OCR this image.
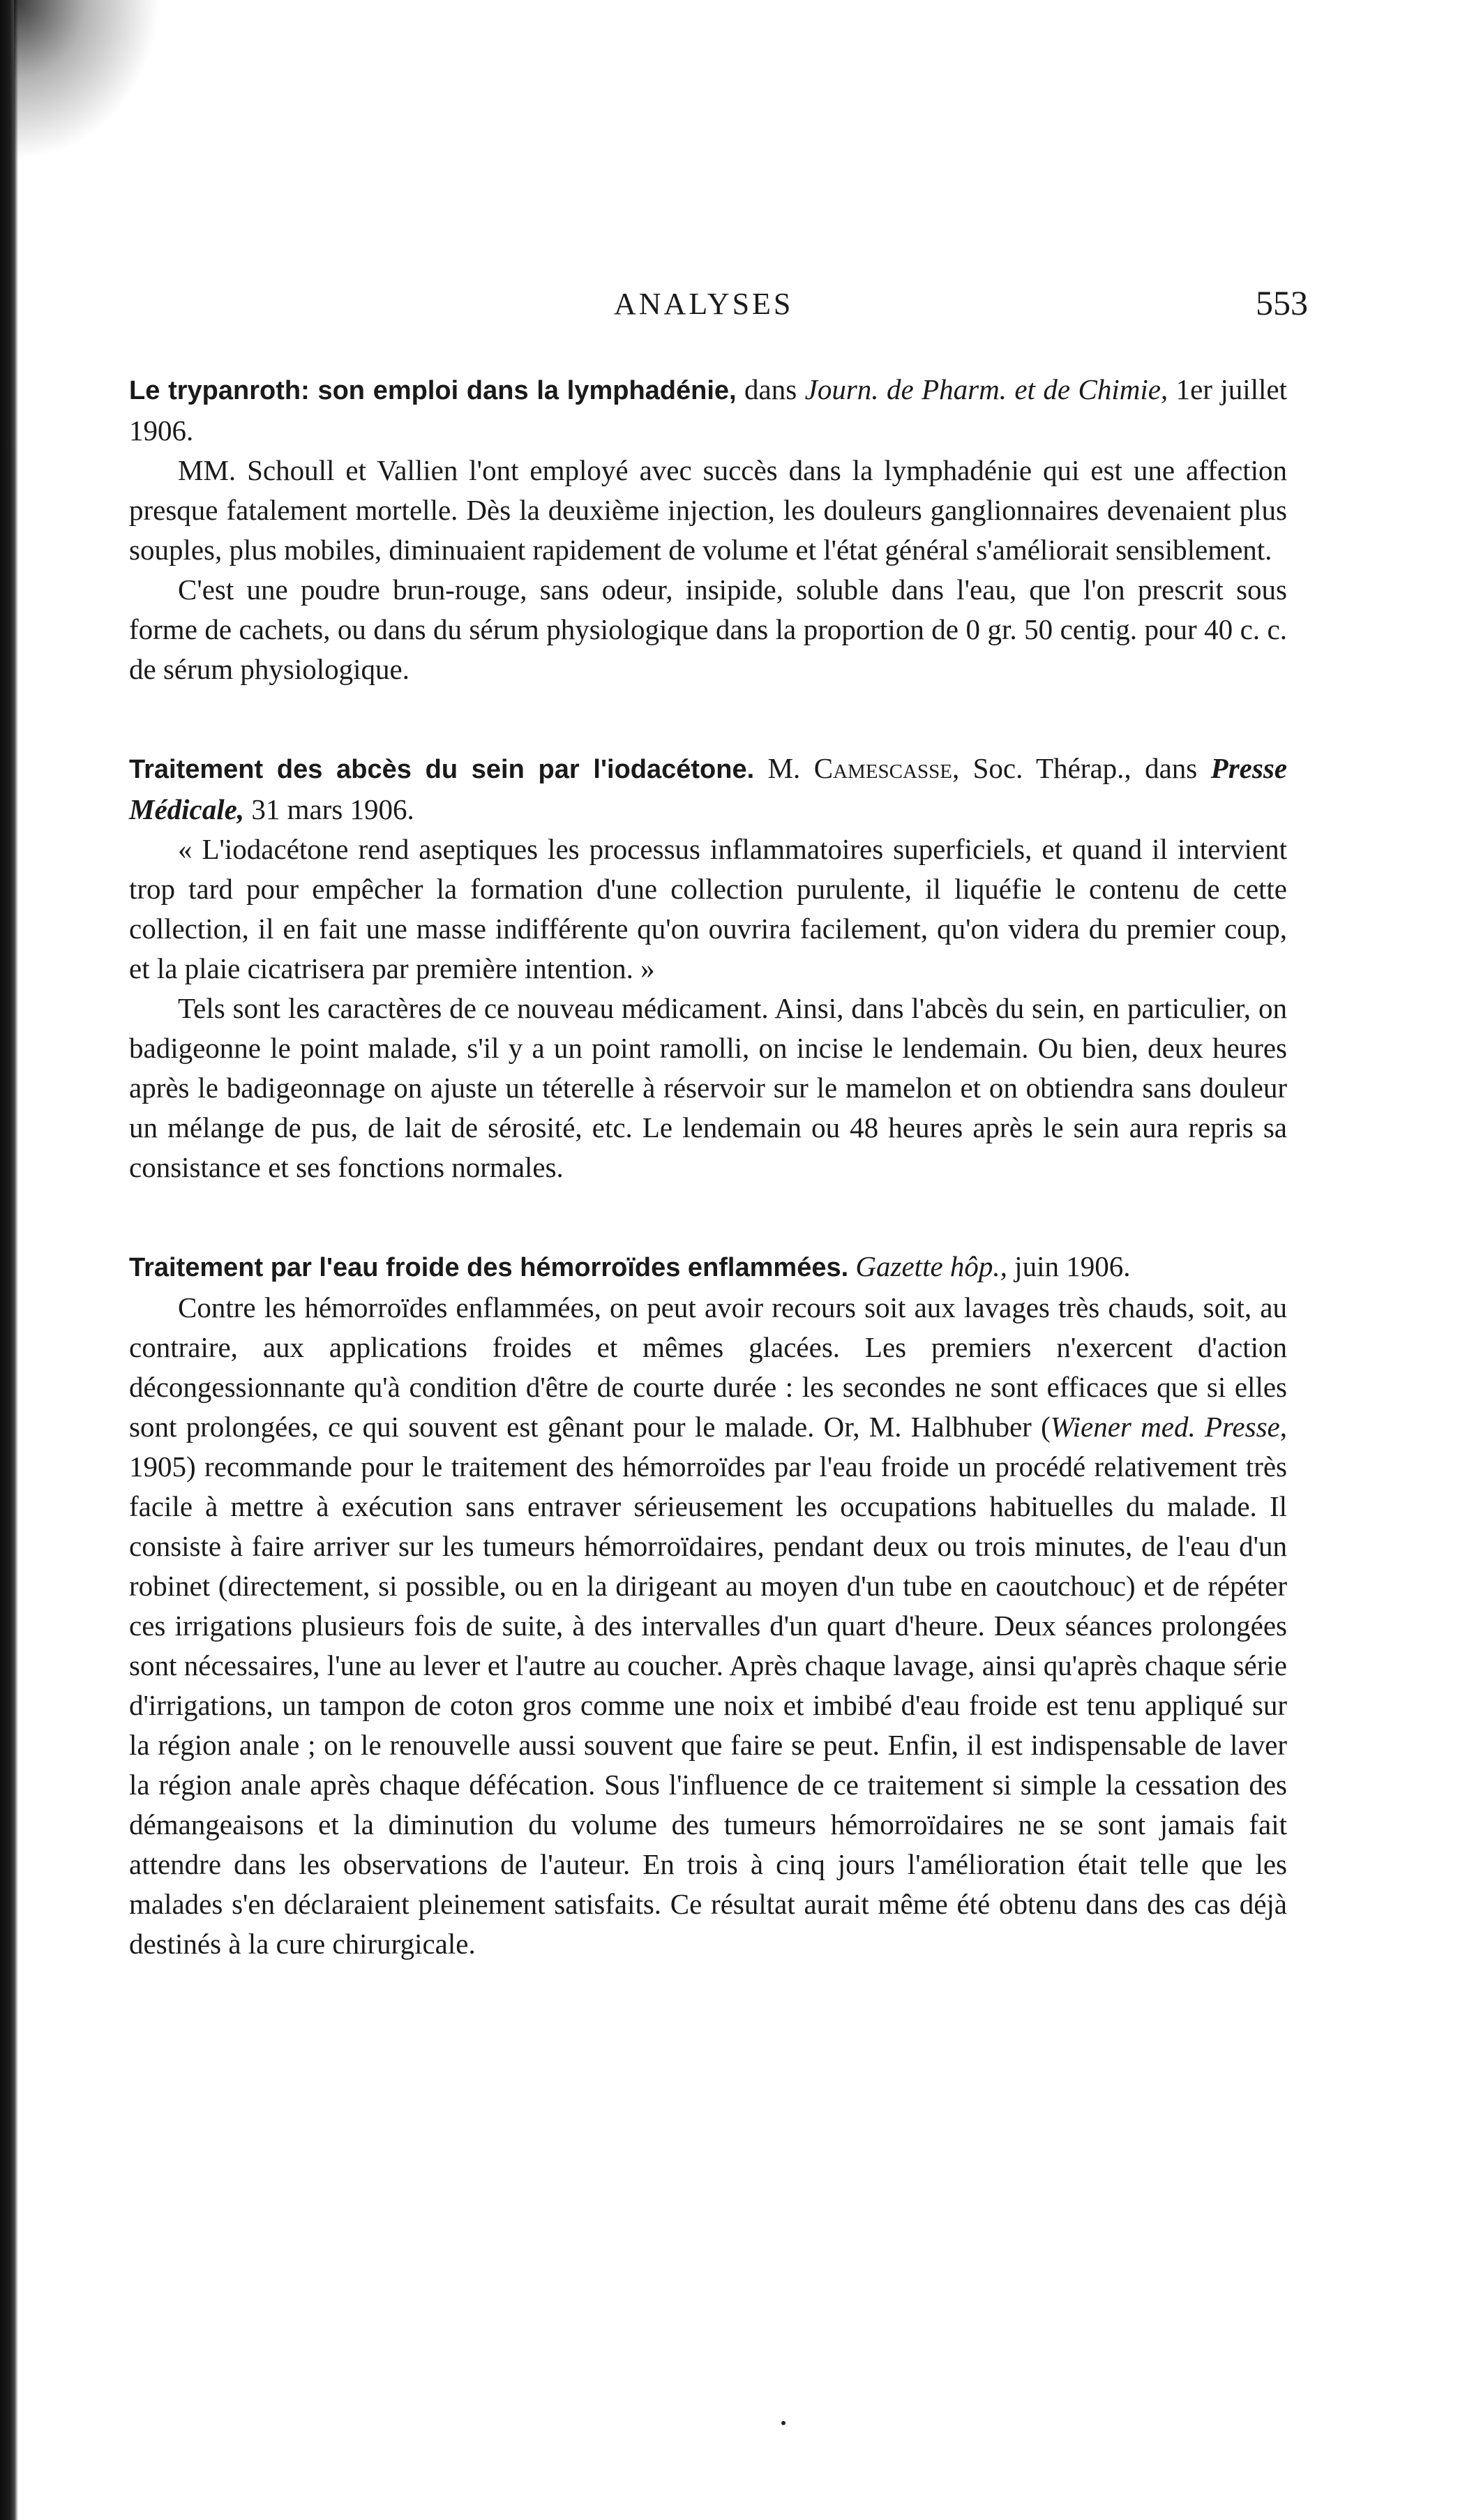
ANALYSES	553

Le trypanroth: son emploi dans la lymphadénie, dans Journ. de Pharm. et de Chimie, 1er juillet 1906.

MM. Schoull et Vallien l'ont employé avec succès dans la lymphadénie qui est une affection presque fatalement mortelle. Dès la deuxième injection, les douleurs ganglionnaires devenaient plus souples, plus mobiles, diminuaient rapidement de volume et l'état général s'améliorait sensiblement.

C'est une poudre brun-rouge, sans odeur, insipide, soluble dans l'eau, que l'on prescrit sous forme de cachets, ou dans du sérum physiologique dans la proportion de 0 gr. 50 centig. pour 40 c. c. de sérum physiologique.

Traitement des abcès du sein par l'iodacétone. M. Camescasse, Soc. Thérap., dans Presse Médicale, 31 mars 1906.

« L'iodacétone rend aseptiques les processus inflammatoires superficiels, et quand il intervient trop tard pour empêcher la formation d'une collection purulente, il liquéfie le contenu de cette collection, il en fait une masse indifférente qu'on ouvrira facilement, qu'on videra du premier coup, et la plaie cicatrisera par première intention. »

Tels sont les caractères de ce nouveau médicament. Ainsi, dans l'abcès du sein, en particulier, on badigeonne le point malade, s'il y a un point ramolli, on incise le lendemain. Ou bien, deux heures après le badigeonnage on ajuste un téterelle à réservoir sur le mamelon et on obtiendra sans douleur un mélange de pus, de lait de sérosité, etc. Le lendemain ou 48 heures après le sein aura repris sa consistance et ses fonctions normales.

Traitement par l'eau froide des hémorroïdes enflammées. Gazette hôp., juin 1906.

Contre les hémorroïdes enflammées, on peut avoir recours soit aux lavages très chauds, soit, au contraire, aux applications froides et mêmes glacées. Les premiers n'exercent d'action décongessionnante qu'à condition d'être de courte durée : les secondes ne sont efficaces que si elles sont prolongées, ce qui souvent est gênant pour le malade. Or, M. Halbhuber (Wiener med. Presse, 1905) recommande pour le traitement des hémorroïdes par l'eau froide un procédé relativement très facile à mettre à exécution sans entraver sérieusement les occupations habituelles du malade. Il consiste à faire arriver sur les tumeurs hémorroïdaires, pendant deux ou trois minutes, de l'eau d'un robinet (directement, si possible, ou en la dirigeant au moyen d'un tube en caoutchouc) et de répéter ces irrigations plusieurs fois de suite, à des intervalles d'un quart d'heure. Deux séances prolongées sont nécessaires, l'une au lever et l'autre au coucher. Après chaque lavage, ainsi qu'après chaque série d'irrigations, un tampon de coton gros comme une noix et imbibé d'eau froide est tenu appliqué sur la région anale ; on le renouvelle aussi souvent que faire se peut. Enfin, il est indispensable de laver la région anale après chaque défécation. Sous l'influence de ce traitement si simple la cessation des démangeaisons et la diminution du volume des tumeurs hémorroïdaires ne se sont jamais fait attendre dans les observations de l'auteur. En trois à cinq jours l'amélioration était telle que les malades s'en déclaraient pleinement satisfaits. Ce résultat aurait même été obtenu dans des cas déjà destinés à la cure chirurgicale.
